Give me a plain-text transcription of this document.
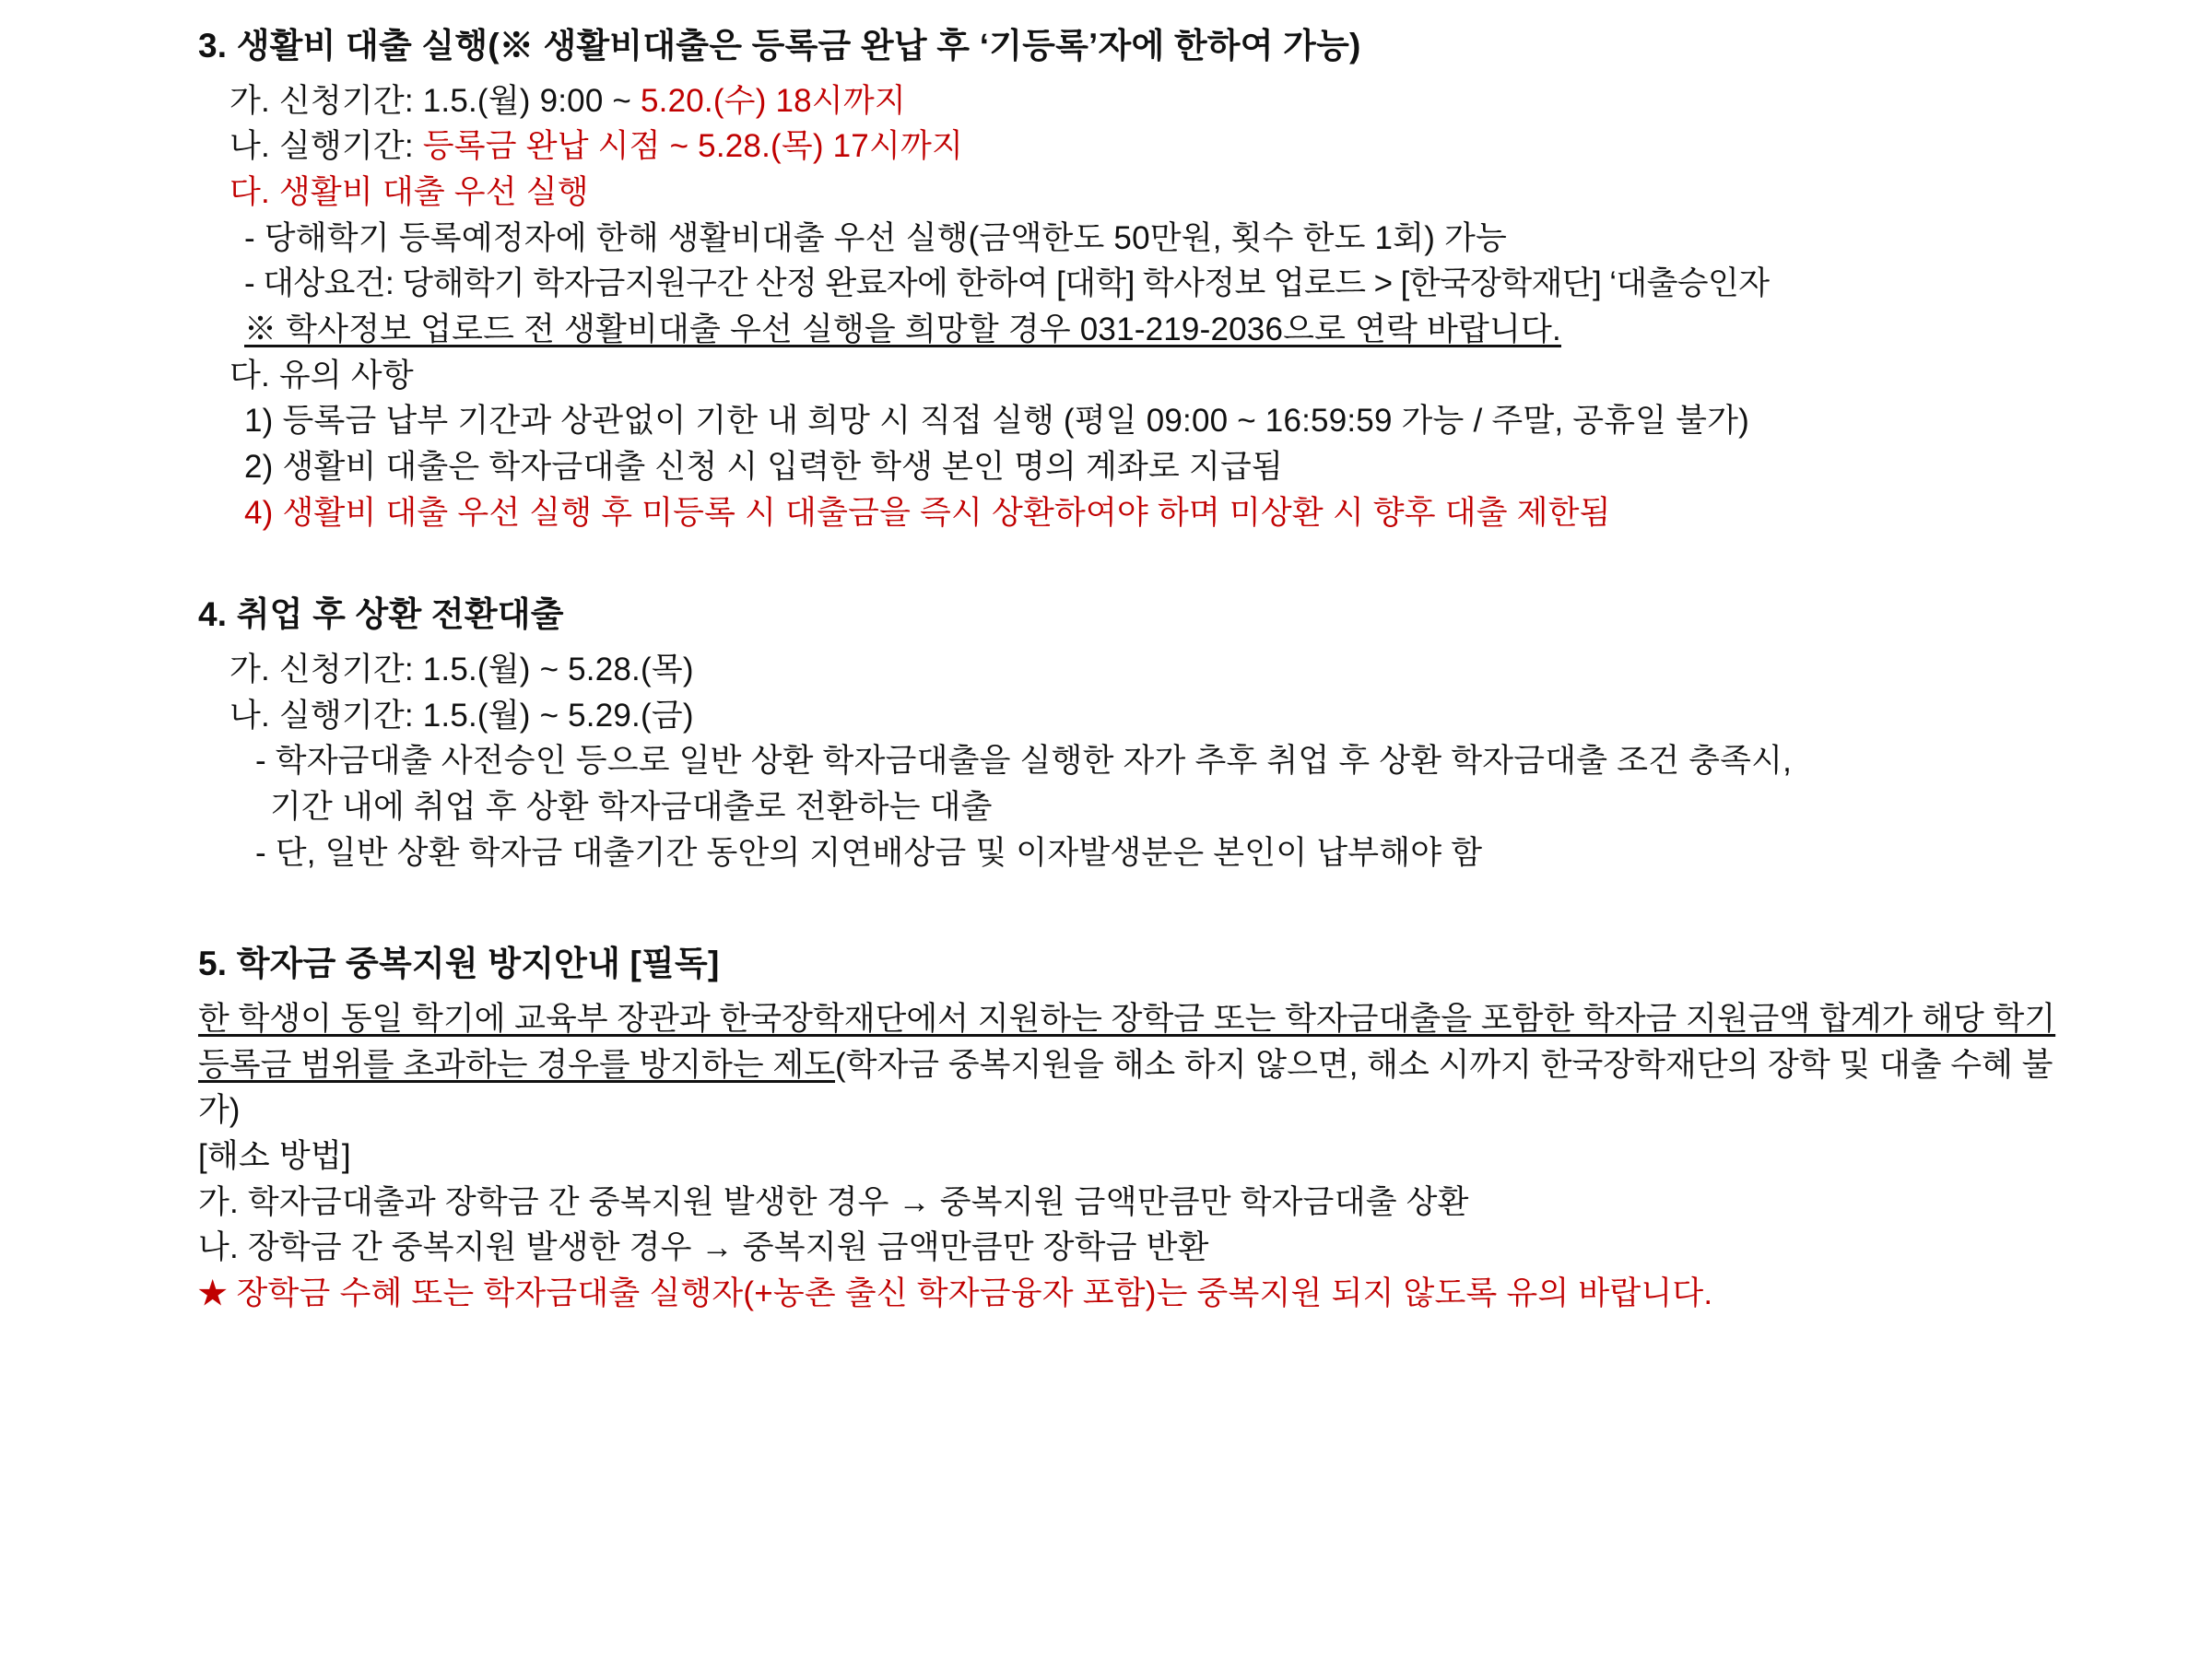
3. 생활비 대출 실행(※ 생활비대출은 등록금 완납 후 ‘기등록’자에 한하여 가능)
가. 신청기간: 1.5.(월) 9:00 ~ 5.20.(수) 18시까지
나. 실행기간: 등록금 완납 시점 ~ 5.28.(목) 17시까지
다. 생활비 대출 우선 실행
- 당해학기 등록예정자에 한해 생활비대출 우선 실행(금액한도 50만원, 횟수 한도 1회) 가능
- 대상요건: 당해학기 학자금지원구간 산정 완료자에 한하여 [대학] 학사정보 업로드 > [한국장학재단] ‘대출승인자
※ 학사정보 업로드 전 생활비대출 우선 실행을 희망할 경우 031-219-2036으로 연락 바랍니다.
다. 유의 사항
1) 등록금 납부 기간과 상관없이 기한 내 희망 시 직접 실행 (평일 09:00 ~ 16:59:59 가능 / 주말, 공휴일 불가)
2) 생활비 대출은 학자금대출 신청 시 입력한 학생 본인 명의 계좌로 지급됨
4) 생활비 대출 우선 실행 후 미등록 시 대출금을 즉시 상환하여야 하며 미상환 시 향후 대출 제한됨
4. 취업 후 상환 전환대출
가. 신청기간: 1.5.(월) ~ 5.28.(목)
나. 실행기간: 1.5.(월) ~ 5.29.(금)
- 학자금대출 사전승인 등으로 일반 상환 학자금대출을 실행한 자가 추후 취업 후 상환 학자금대출 조건 충족시,
기간 내에 취업 후 상환 학자금대출로 전환하는 대출
- 단, 일반 상환 학자금 대출기간 동안의 지연배상금 및 이자발생분은 본인이 납부해야 함
5. 학자금 중복지원 방지안내 [필독]
한 학생이 동일 학기에 교육부 장관과 한국장학재단에서 지원하는 장학금 또는 학자금대출을 포함한 학자금 지원금액 합계가 해당 학기 등록금 범위를 초과하는 경우를 방지하는 제도(학자금 중복지원을 해소 하지 않으면, 해소 시까지 한국장학재단의 장학 및 대출 수혜 불가)
[해소 방법]
가. 학자금대출과 장학금 간 중복지원 발생한 경우 → 중복지원 금액만큼만 학자금대출 상환
나. 장학금 간 중복지원 발생한 경우 → 중복지원 금액만큼만 장학금 반환
★ 장학금 수혜 또는 학자금대출 실행자(+농촌 출신 학자금융자 포함)는 중복지원 되지 않도록 유의 바랍니다.
